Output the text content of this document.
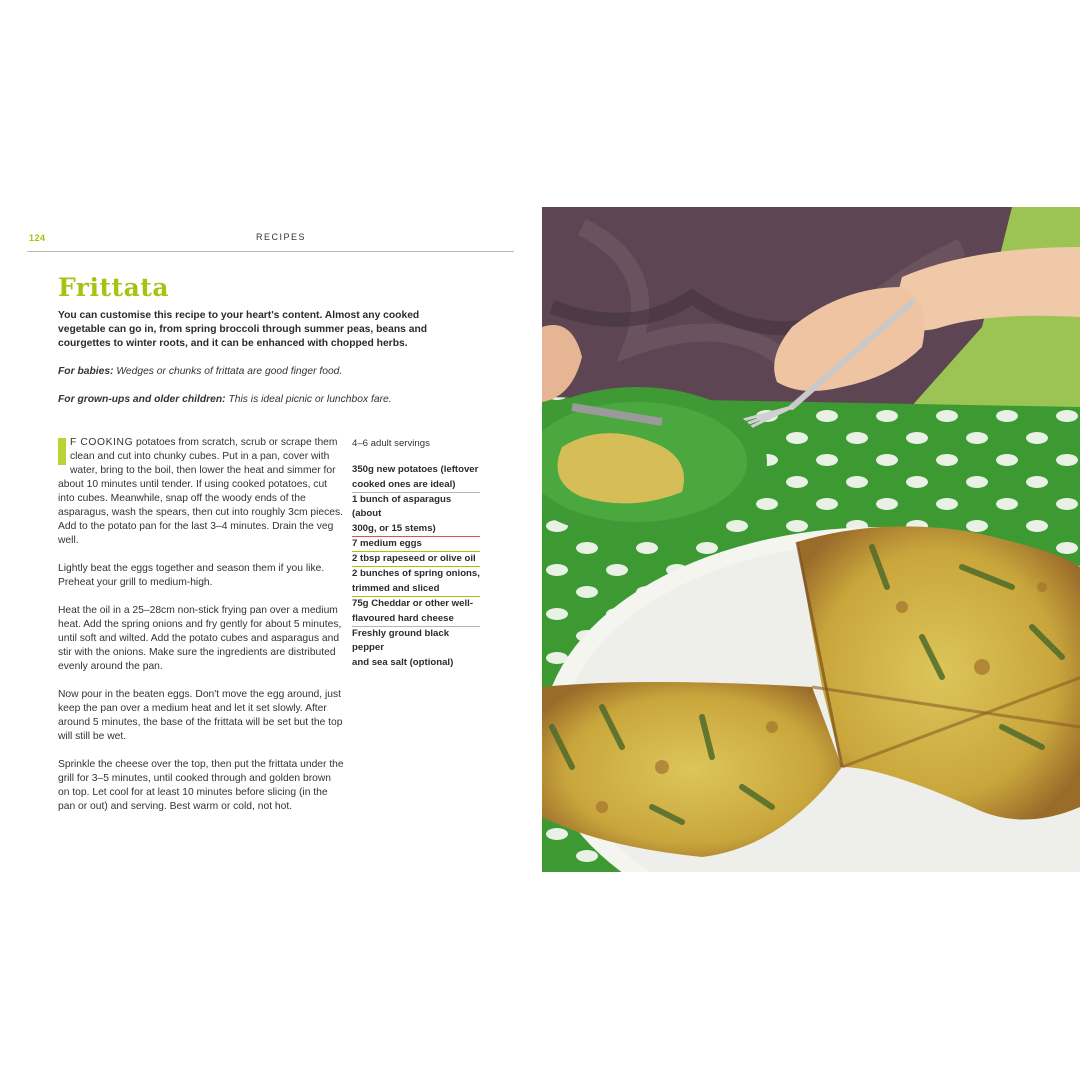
124	RECIPES
Frittata

You can customise this recipe to your heart's content. Almost any cooked vegetable can go in, from spring broccoli through summer peas, beans and courgettes to winter roots, and it can be enhanced with chopped herbs.

For babies: Wedges or chunks of frittata are good finger food.

For grown-ups and older children: This is ideal picnic or lunchbox fare.

F COOKING potatoes from scratch, scrub or scrape them clean and cut into chunky cubes. Put in a pan, cover with water, bring to the boil, then lower the heat and simmer for about 10 minutes until tender. If using cooked potatoes, cut into cubes. Meanwhile, snap off the woody ends of the asparagus, wash the spears, then cut into roughly 3cm pieces. Add to the potato pan for the last 3–4 minutes. Drain the veg well.

Lightly beat the eggs together and season them if you like. Preheat your grill to medium-high.

Heat the oil in a 25–28cm non-stick frying pan over a medium heat. Add the spring onions and fry gently for about 5 minutes, until soft and wilted. Add the potato cubes and asparagus and stir with the onions. Make sure the ingredients are distributed evenly around the pan.

Now pour in the beaten eggs. Don't move the egg around, just keep the pan over a medium heat and let it set slowly. After around 5 minutes, the base of the frittata will be set but the top will still be wet.

Sprinkle the cheese over the top, then put the frittata under the grill for 3–5 minutes, until cooked through and golden brown on top. Let cool for at least 10 minutes before slicing (in the pan or out) and serving. Best warm or cold, not hot.

4–6 adult servings

350g new potatoes (leftover
cooked ones are ideal)
1 bunch of asparagus (about
300g, or 15 stems)
7 medium eggs
2 tbsp rapeseed or olive oil
2 bunches of spring onions,
trimmed and sliced
75g Cheddar or other well-
flavoured hard cheese
Freshly ground black pepper
and sea salt (optional)
